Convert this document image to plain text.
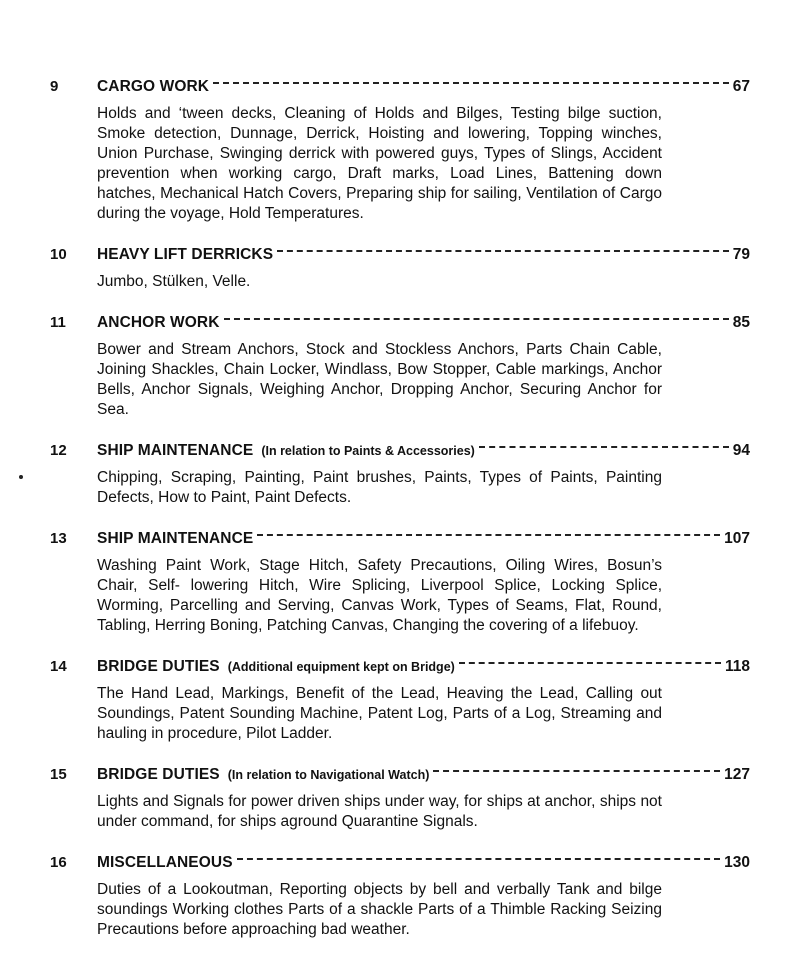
9	CARGO WORK	67
Holds and ‘tween decks, Cleaning of Holds and Bilges, Testing bilge suction, Smoke detection, Dunnage, Derrick, Hoisting and lowering, Topping winches, Union Purchase, Swinging derrick with powered guys, Types of Slings, Accident prevention when working cargo, Draft marks, Load Lines, Battening down hatches, Mechanical Hatch Covers, Preparing ship for sailing, Ventilation of Cargo during the voyage, Hold Temperatures.
10	HEAVY LIFT DERRICKS	79
Jumbo, Stülken, Velle.
11	ANCHOR WORK	85
Bower and Stream Anchors, Stock and Stockless Anchors, Parts Chain Cable, Joining Shackles, Chain Locker, Windlass, Bow Stopper, Cable markings, Anchor Bells, Anchor Signals, Weighing Anchor, Dropping Anchor, Securing Anchor for Sea.
12	SHIP MAINTENANCE (In relation to Paints & Accessories)	94
Chipping, Scraping, Painting, Paint brushes, Paints, Types of Paints, Painting Defects, How to Paint, Paint Defects.
13	SHIP MAINTENANCE	107
Washing Paint Work, Stage Hitch, Safety Precautions, Oiling Wires, Bosun’s Chair, Self- lowering Hitch, Wire Splicing, Liverpool Splice, Locking Splice, Worming, Parcelling and Serving, Canvas Work, Types of Seams, Flat, Round, Tabling, Herring Boning, Patching Canvas, Changing the covering of a lifebuoy.
14	BRIDGE DUTIES (Additional equipment kept on Bridge)	118
The Hand Lead, Markings, Benefit of the Lead, Heaving the Lead, Calling out Soundings, Patent Sounding Machine, Patent Log, Parts of a Log, Streaming and hauling in procedure, Pilot Ladder.
15	BRIDGE DUTIES (In relation to Navigational Watch)	127
Lights and Signals for power driven ships under way, for ships at anchor, ships not under command, for ships aground Quarantine Signals.
16	MISCELLANEOUS	130
Duties of a Lookoutman, Reporting objects by bell and verbally Tank and bilge soundings Working clothes Parts of a shackle Parts of a Thimble Racking Seizing Precautions before approaching bad weather.
